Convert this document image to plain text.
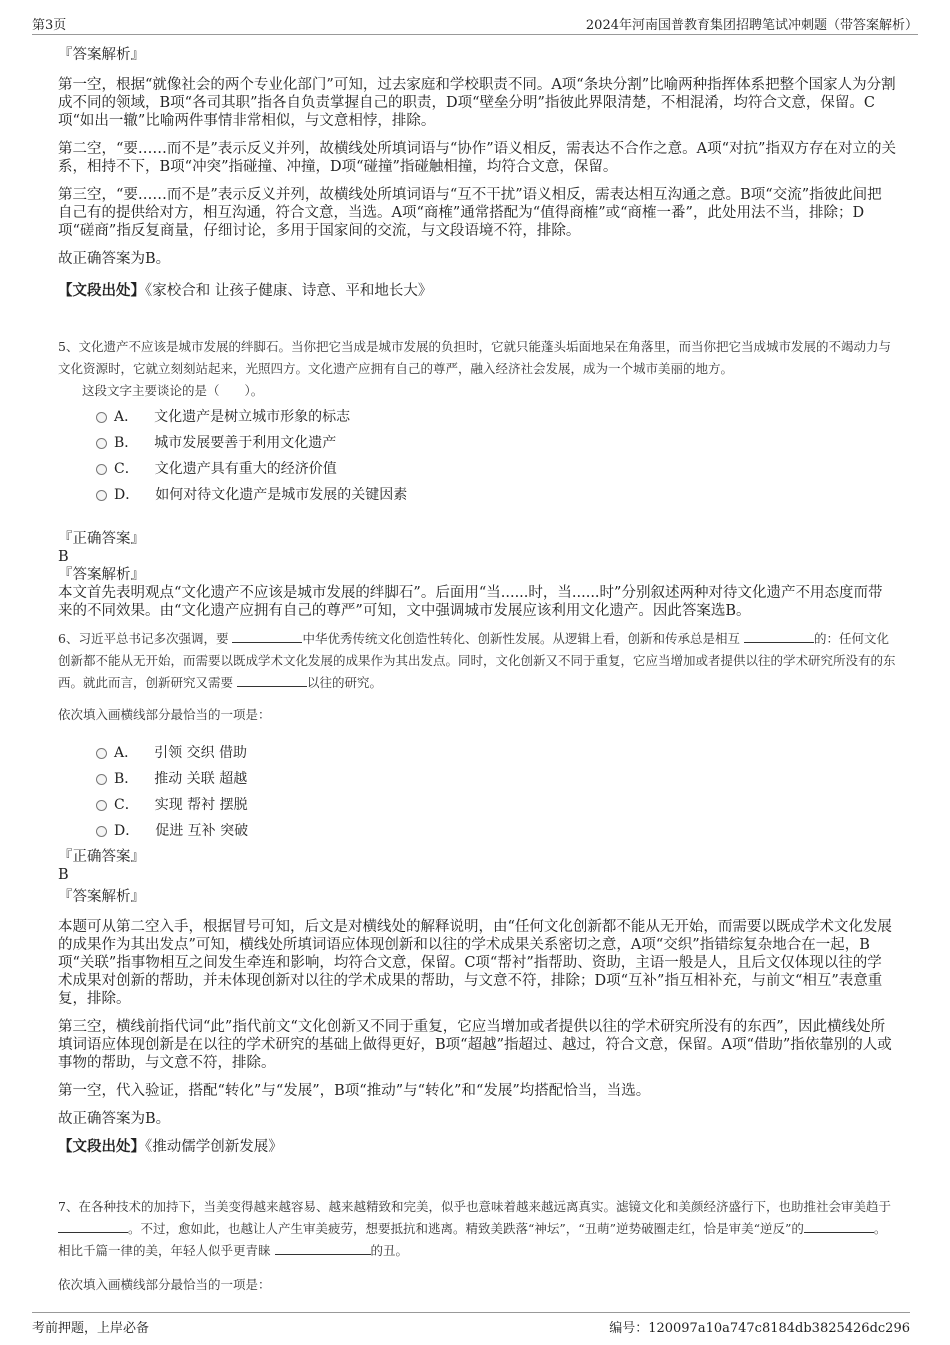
第3页	2024年河南国普教育集团招聘笔试冲刺题（带答案解析）

『答案解析』

第一空，根据“就像社会的两个专业化部门”可知，过去家庭和学校职责不同。A项“条块分割”比喻两种指挥体系把整个国家人为分割成不同的领域，B项“各司其职”指各自负责掌握自己的职责，D项“壁垒分明”指彼此界限清楚，不相混淆，均符合文意，保留。C项“如出一辙”比喻两件事情非常相似，与文意相悖，排除。

第二空，“要……而不是”表示反义并列，故横线处所填词语与“协作”语义相反，需表达不合作之意。A项“对抗”指双方存在对立的关系，相持不下，B项“冲突”指碰撞、冲撞，D项“碰撞”指碰触相撞，均符合文意，保留。

第三空，“要……而不是”表示反义并列，故横线处所填词语与“互不干扰”语义相反，需表达相互沟通之意。B项“交流”指彼此间把自己有的提供给对方，相互沟通，符合文意，当选。A项“商榷”通常搭配为“值得商榷”或“商榷一番”，此处用法不当，排除；D项“磋商”指反复商量，仔细讨论，多用于国家间的交流，与文段语境不符，排除。

故正确答案为B。

【文段出处】《家校合和 让孩子健康、诗意、平和地长大》

5、文化遗产不应该是城市发展的绊脚石。当你把它当成是城市发展的负担时，它就只能蓬头垢面地呆在角落里，而当你把它当成城市发展的不竭动力与文化资源时，它就立刻刻站起来，光照四方。文化遗产应拥有自己的尊严，融入经济社会发展，成为一个城市美丽的地方。

这段文字主要谈论的是（　　）。

A． 文化遗产是树立城市形象的标志
B． 城市发展要善于利用文化遗产
C． 文化遗产具有重大的经济价值
D． 如何对待文化遗产是城市发展的关键因素

『正确答案』

B

『答案解析』

本文首先表明观点“文化遗产不应该是城市发展的绊脚石”。后面用“当......时，当......时”分别叙述两种对待文化遗产不用态度而带来的不同效果。由“文化遗产应拥有自己的尊严”可知，文中强调城市发展应该利用文化遗产。因此答案选B。

6、习近平总书记多次强调，要	中华优秀传统文化创造性转化、创新性发展。从逻辑上看，创新和传承总是相互	的：任何文化创新都不能从无开始，而需要以既成学术文化发展的成果作为其出发点。同时，文化创新又不同于重复，它应当增加或者提供以往的学术研究所没有的东西。就此而言，创新研究又需要	以往的研究。

依次填入画横线部分最恰当的一项是：

A． 引领 交织 借助
B． 推动 关联 超越
C． 实现 帮衬 摆脱
D． 促进 互补 突破

『正确答案』

B

『答案解析』

本题可从第二空入手，根据冒号可知，后文是对横线处的解释说明，由“任何文化创新都不能从无开始，而需要以既成学术文化发展的成果作为其出发点”可知，横线处所填词语应体现创新和以往的学术成果关系密切之意，A项“交织”指错综复杂地合在一起，B项“关联”指事物相互之间发生牵连和影响，均符合文意，保留。C项“帮衬”指帮助、资助，主语一般是人，且后文仅体现以往的学术成果对创新的帮助，并未体现创新对以往的学术成果的帮助，与文意不符，排除；D项“互补”指互相补充，与前文“相互”表意重复，排除。

第三空，横线前指代词“此”指代前文“文化创新又不同于重复，它应当增加或者提供以往的学术研究所没有的东西”，因此横线处所填词语应体现创新是在以往的学术研究的基础上做得更好，B项“超越”指超过、越过，符合文意，保留。A项“借助”指依靠别的人或事物的帮助，与文意不符，排除。

第一空，代入验证，搭配“转化”与“发展”，B项“推动”与“转化”和“发展”均搭配恰当，当选。

故正确答案为B。

【文段出处】《推动儒学创新发展》

7、在各种技术的加持下，当美变得越来越容易、越来越精致和完美，似乎也意味着越来越远离真实。滤镜文化和美颜经济盛行下，也助推社会审美趋于 。不过，愈如此，也越让人产生审美疲劳，想要抵抗和逃离。精致美跌落“神坛”，“丑萌”逆势破圈走红，恰是审美“逆反”的	。相比千篇一律的美，年轻人似乎更青睐	的丑。

依次填入画横线部分最恰当的一项是：

考前押题，上岸必备	编号：120097a10a747c8184db3825426dc296
